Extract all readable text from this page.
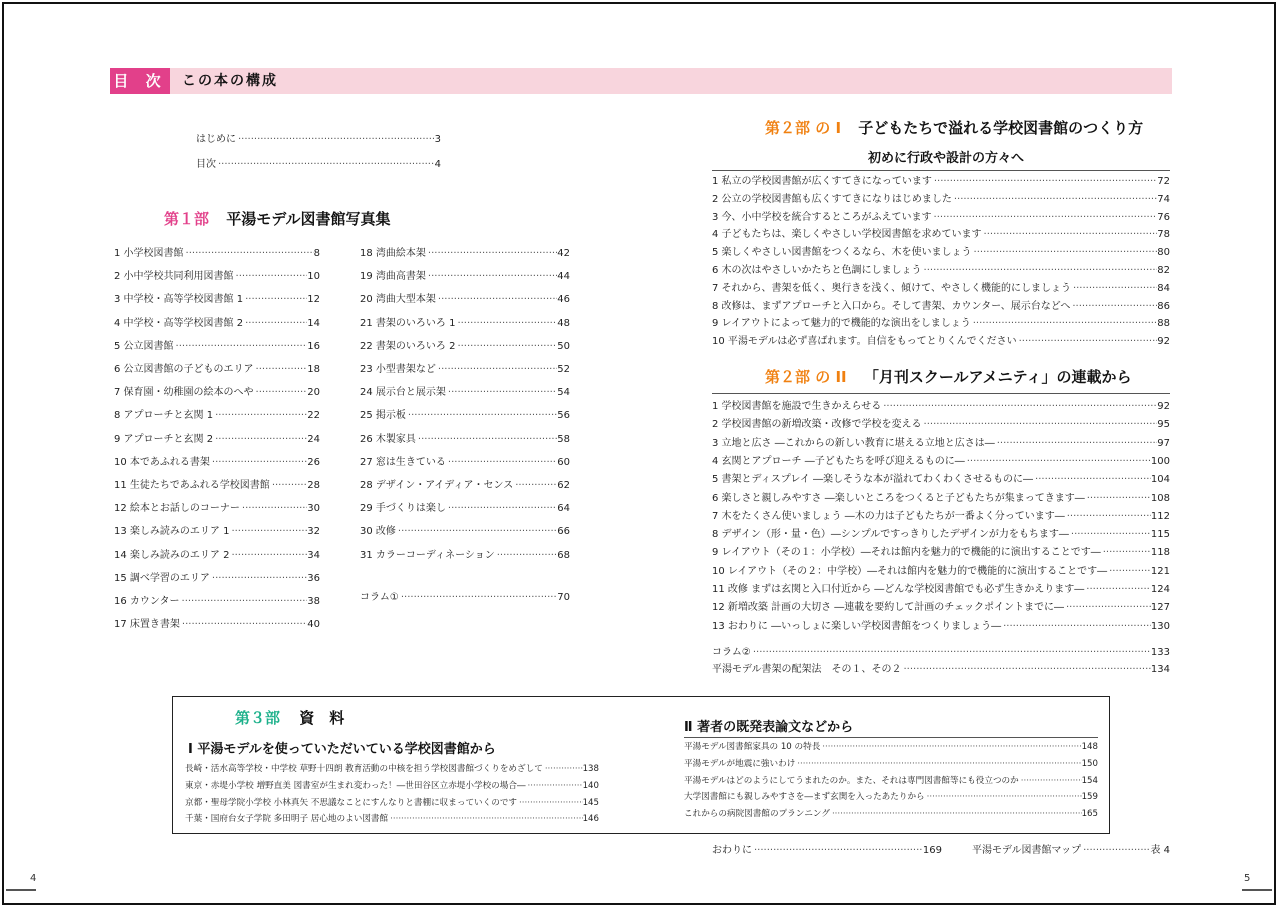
目 次 この本の構成
はじめに ·····	3
目次 ·····	4
第１部 平湯モデル図書館写真集
1 小学校図書館 ·····	8
2 小中学校共同利用図書館 ·····	10
3 中学校・高等学校図書館 1 ·····	12
4 中学校・高等学校図書館 2 ·····	14
5 公立図書館 ·····	16
6 公立図書館の子どものエリア ·····	18
7 保育園・幼稚園の絵本のへや ·····	20
8 アプローチと玄関 1 ·····	22
9 アプローチと玄関 2 ·····	24
10 本であふれる書架 ·····	26
11 生徒たちであふれる学校図書館 ·····	28
12 絵本とお話しのコーナー ·····	30
13 楽しみ読みのエリア 1 ·····	32
14 楽しみ読みのエリア 2 ·····	34
15 調べ学習のエリア ·····	36
16 カウンター ·····	38
17 床置き書架 ·····	40
18 湾曲絵本架 ·····	42
19 湾曲高書架 ·····	44
20 湾曲大型本架 ·····	46
21 書架のいろいろ 1 ·····	48
22 書架のいろいろ 2 ·····	50
23 小型書架など ·····	52
24 展示台と展示架 ·····	54
25 掲示板 ·····	56
26 木製家具 ·····	58
27 窓は生きている ·····	60
28 デザイン・アイディア・センス ·····	62
29 手づくりは楽し ·····	64
30 改修 ·····	66
31 カラーコーディネーション ·····	68
コラム① ·····	70
第２部 の I 子どもたちで溢れる学校図書館のつくり方
初めに行政や設計の方々へ
1 私立の学校図書館が広くすてきになっています ·····	72
2 公立の学校図書館も広くすてきになりはじめました ·····	74
3 今、小中学校を統合するところがふえています ·····	76
4 子どもたちは、楽しくやさしい学校図書館を求めています ·····	78
5 楽しくやさしい図書館をつくるなら、木を使いましょう ·····	80
6 木の次はやさしいかたちと色調にしましょう ·····	82
7 それから、書架を低く、奥行きを浅く、傾けて、やさしく機能的にしましょう ·····	84
8 改修は、まずアプローチと入口から。そして書架、カウンター、展示台などへ ·····	86
9 レイアウトによって魅力的で機能的な演出をしましょう ·····	88
10 平湯モデルは必ず喜ばれます。自信をもってとりくんでください ·····	92
第２部 の II 「月刊スクールアメニティ」の連載から
1 学校図書館を施設で生きかえらせる ·····	92
2 学校図書館の新増改築・改修で学校を変える ·····	95
3 立地と広さ ―これからの新しい教育に堪える立地と広さは― ·····	97
4 玄関とアプローチ ―子どもたちを呼び迎えるものに― ·····	100
5 書架とディスプレイ ―楽しそうな本が溢れてわくわくさせるものに― ·····	104
6 楽しさと親しみやすさ ―楽しいところをつくると子どもたちが集まってきます― ·····	108
7 木をたくさん使いましょう ―木の力は子どもたちが一番よく分っています― ·····	112
8 デザイン（形・量・色）―シンプルですっきりしたデザインが力をもちます― ·····	115
9 レイアウト（その１：小学校）―それは館内を魅力的で機能的に演出することです― ·····	118
10 レイアウト（その２：中学校）―それは館内を魅力的で機能的に演出することです― ·····	121
11 改修 まずは玄関と入口付近から ―どんな学校図書館でも必ず生きかえります― ·····	124
12 新増改築 計画の大切さ ―連載を要約して計画のチェックポイントまでに― ·····	127
13 おわりに ―いっしょに楽しい学校図書館をつくりましょう― ·····	130
コラム② ·····	133
平湯モデル書架の配架法　その１、その２ ·····	134
第３部 資　料
Ⅰ 平湯モデルを使っていただいている学校図書館から
長崎・活水高等学校・中学校 草野十四朗 教育活動の中核を担う学校図書館づくりをめざして ·····	138
東京・赤堤小学校 増野直美 図書室が生まれ変わった！―世田谷区立赤堤小学校の場合― ·····	140
京都・聖母学院小学校 小林真矢 不思議なことにすんなりと書棚に収まっていくのです ·····	145
千葉・国府台女子学院 多田明子 居心地のよい図書館 ·····	146
Ⅱ 著者の既発表論文などから
平湯モデル図書館家具の 10 の特長 ·····	148
平湯モデルが地震に強いわけ ·····	150
平湯モデルはどのようにしてうまれたのか。また、それは専門図書館等にも役立つのか ·····	154
大学図書館にも親しみやすさを―まず玄関を入ったあたりから ·····	159
これからの病院図書館のプランニング ·····	165
おわりに ·····	169	平湯モデル図書館マップ ·····	表 4
4	5
